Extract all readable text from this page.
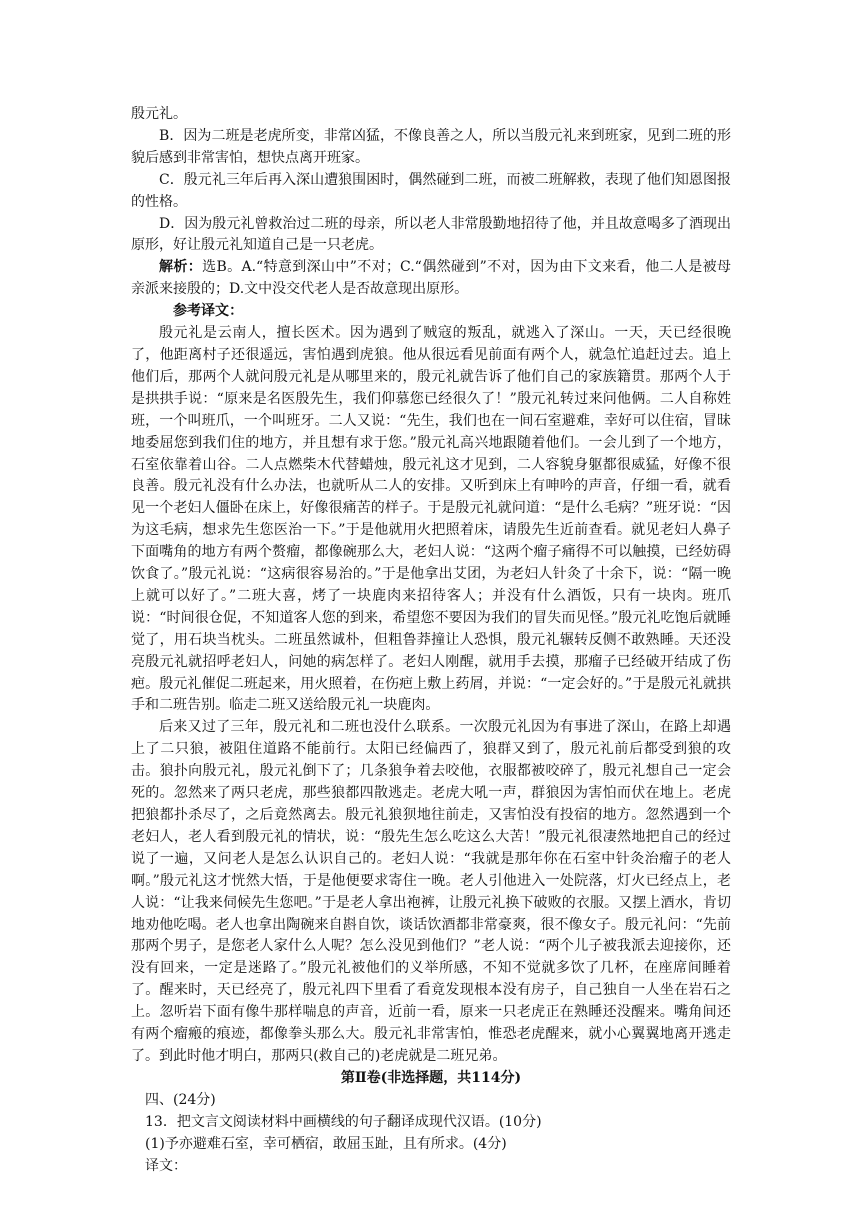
殷元礼。

B．因为二班是老虎所变，非常凶猛，不像良善之人，所以当殷元礼来到班家，见到二班的形貌后感到非常害怕，想快点离开班家。

C．殷元礼三年后再入深山遭狼围困时，偶然碰到二班，而被二班解救，表现了他们知恩图报的性格。

D．因为殷元礼曾救治过二班的母亲，所以老人非常殷勤地招待了他，并且故意喝多了酒现出原形，好让殷元礼知道自己是一只老虎。

解析：选B。A.“特意到深山中”不对；C.“偶然碰到”不对，因为由下文来看，他二人是被母亲派来接殷的；D.文中没交代老人是否故意现出原形。

参考译文：

殷元礼是云南人，擅长医术。因为遇到了贼寇的叛乱，就逃入了深山。一天，天已经很晚了，他距离村子还很遥远，害怕遇到虎狼。他从很远看见前面有两个人，就急忙追赶过去。追上他们后，那两个人就问殷元礼是从哪里来的，殷元礼就告诉了他们自己的家族籍贯。那两个人于是拱拱手说：“原来是名医殷先生，我们仰慕您已经很久了！”殷元礼转过来问他俩。二人自称姓班，一个叫班爪，一个叫班牙。二人又说：“先生，我们也在一间石室避难，幸好可以住宿，冒昧地委屈您到我们住的地方，并且想有求于您。”殷元礼高兴地跟随着他们。一会儿到了一个地方，石室依靠着山谷。二人点燃柴木代替蜡烛，殷元礼这才见到，二人容貌身躯都很威猛，好像不很良善。殷元礼没有什么办法，也就听从二人的安排。又听到床上有呻吟的声音，仔细一看，就看见一个老妇人僵卧在床上，好像很痛苦的样子。于是殷元礼就问道：“是什么毛病？”班牙说：“因为这毛病，想求先生您医治一下。”于是他就用火把照着床，请殷先生近前查看。就见老妇人鼻子下面嘴角的地方有两个赘瘤，都像碗那么大，老妇人说：“这两个瘤子痛得不可以触摸，已经妨碍饮食了。”殷元礼说：“这病很容易治的。”于是他拿出艾团，为老妇人针灸了十余下，说：“隔一晚上就可以好了。”二班大喜，烤了一块鹿肉来招待客人；并没有什么酒饭，只有一块肉。班爪说：“时间很仓促，不知道客人您的到来，希望您不要因为我们的冒失而见怪。”殷元礼吃饱后就睡觉了，用石块当枕头。二班虽然诚朴，但粗鲁莽撞让人恐惧，殷元礼辗转反侧不敢熟睡。天还没亮殷元礼就招呼老妇人，问她的病怎样了。老妇人刚醒，就用手去摸，那瘤子已经破开结成了伤疤。殷元礼催促二班起来，用火照着，在伤疤上敷上药屑，并说：“一定会好的。”于是殷元礼就拱手和二班告别。临走二班又送给殷元礼一块鹿肉。

后来又过了三年，殷元礼和二班也没什么联系。一次殷元礼因为有事进了深山，在路上却遇上了二只狼，被阻住道路不能前行。太阳已经偏西了，狼群又到了，殷元礼前后都受到狼的攻击。狼扑向殷元礼，殷元礼倒下了；几条狼争着去咬他，衣服都被咬碎了，殷元礼想自己一定会死的。忽然来了两只老虎，那些狼都四散逃走。老虎大吼一声，群狼因为害怕而伏在地上。老虎把狼都扑杀尽了，之后竟然离去。殷元礼狼狈地往前走，又害怕没有投宿的地方。忽然遇到一个老妇人，老人看到殷元礼的情状，说：“殷先生怎么吃这么大苦！”殷元礼很凄然地把自己的经过说了一遍，又问老人是怎么认识自己的。老妇人说：“我就是那年你在石室中针灸治瘤子的老人啊。”殷元礼这才恍然大悟，于是他便要求寄住一晚。老人引他进入一处院落，灯火已经点上，老人说：“让我来伺候先生您吧。”于是老人拿出袍裤，让殷元礼换下破败的衣服。又摆上酒水，肯切地劝他吃喝。老人也拿出陶碗来自斟自饮，谈话饮酒都非常豪爽，很不像女子。殷元礼问：“先前那两个男子，是您老人家什么人呢？怎么没见到他们？”老人说：“两个儿子被我派去迎接你，还没有回来，一定是迷路了。”殷元礼被他们的义举所感，不知不觉就多饮了几杯，在座席间睡着了。醒来时，天已经亮了，殷元礼四下里看了看竟发现根本没有房子，自己独自一人坐在岩石之上。忽听岩下面有像牛那样喘息的声音，近前一看，原来一只老虎正在熟睡还没醒来。嘴角间还有两个瘤瘢的痕迹，都像拳头那么大。殷元礼非常害怕，惟恐老虎醒来，就小心翼翼地离开逃走了。到此时他才明白，那两只(救自己的)老虎就是二班兄弟。

第Ⅱ卷(非选择题，共114分)

四、(24分)

13．把文言文阅读材料中画横线的句子翻译成现代汉语。(10分)

(1)予亦避难石室，幸可栖宿，敢屈玉趾，且有所求。(4分)

译文：
